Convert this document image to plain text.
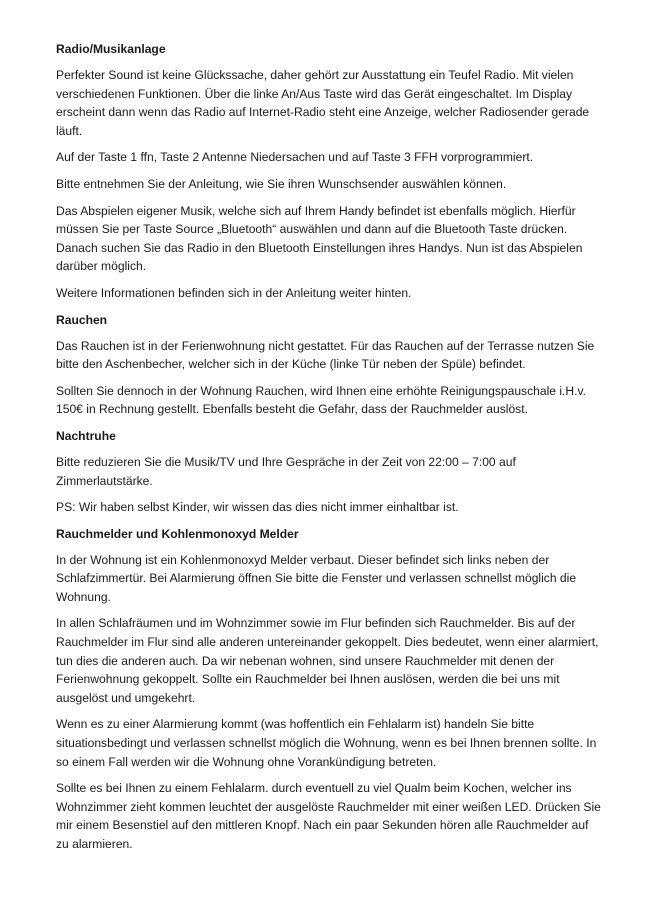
Radio/Musikanlage

Perfekter Sound ist keine Glückssache, daher gehört zur Ausstattung ein Teufel Radio. Mit vielen verschiedenen Funktionen. Über die linke An/Aus Taste wird das Gerät eingeschaltet. Im Display erscheint dann wenn das Radio auf Internet-Radio steht eine Anzeige, welcher Radiosender gerade läuft.

Auf der Taste 1 ffn, Taste 2 Antenne Niedersachen und auf Taste 3 FFH vorprogrammiert.

Bitte entnehmen Sie der Anleitung, wie Sie ihren Wunschsender auswählen können.

Das Abspielen eigener Musik, welche sich auf Ihrem Handy befindet ist ebenfalls möglich. Hierfür müssen Sie per Taste Source „Bluetooth“ auswählen und dann auf die Bluetooth Taste drücken. Danach suchen Sie das Radio in den Bluetooth Einstellungen ihres Handys. Nun ist das Abspielen darüber möglich.

Weitere Informationen befinden sich in der Anleitung weiter hinten.

Rauchen

Das Rauchen ist in der Ferienwohnung nicht gestattet. Für das Rauchen auf der Terrasse nutzen Sie bitte den Aschenbecher, welcher sich in der Küche (linke Tür neben der Spüle) befindet.

Sollten Sie dennoch in der Wohnung Rauchen, wird Ihnen eine erhöhte Reinigungspauschale i.H.v. 150€ in Rechnung gestellt. Ebenfalls besteht die Gefahr, dass der Rauchmelder auslöst.

Nachtruhe

Bitte reduzieren Sie die Musik/TV und Ihre Gespräche in der Zeit von 22:00 – 7:00 auf Zimmerlautstärke.

PS: Wir haben selbst Kinder, wir wissen das dies nicht immer einhaltbar ist.

Rauchmelder und Kohlenmonoxyd Melder

In der Wohnung ist ein Kohlenmonoxyd Melder verbaut. Dieser befindet sich links neben der Schlafzimmertür. Bei Alarmierung öffnen Sie bitte die Fenster und verlassen schnellst möglich die Wohnung.

In allen Schlafräumen und im Wohnzimmer sowie im Flur befinden sich Rauchmelder. Bis auf der Rauchmelder im Flur sind alle anderen untereinander gekoppelt. Dies bedeutet, wenn einer alarmiert, tun dies die anderen auch. Da wir nebenan wohnen, sind unsere Rauchmelder mit denen der Ferienwohnung gekoppelt. Sollte ein Rauchmelder bei Ihnen auslösen, werden die bei uns mit ausgelöst und umgekehrt.

Wenn es zu einer Alarmierung kommt (was hoffentlich ein Fehlalarm ist) handeln Sie bitte situationsbedingt und verlassen schnellst möglich die Wohnung, wenn es bei Ihnen brennen sollte. In so einem Fall werden wir die Wohnung ohne Vorankündigung betreten.

Sollte es bei Ihnen zu einem Fehlalarm. durch eventuell zu viel Qualm beim Kochen, welcher ins Wohnzimmer zieht kommen leuchtet der ausgelöste Rauchmelder mit einer weißen LED. Drücken Sie mir einem Besenstiel auf den mittleren Knopf. Nach ein paar Sekunden hören alle Rauchmelder auf zu alarmieren.
